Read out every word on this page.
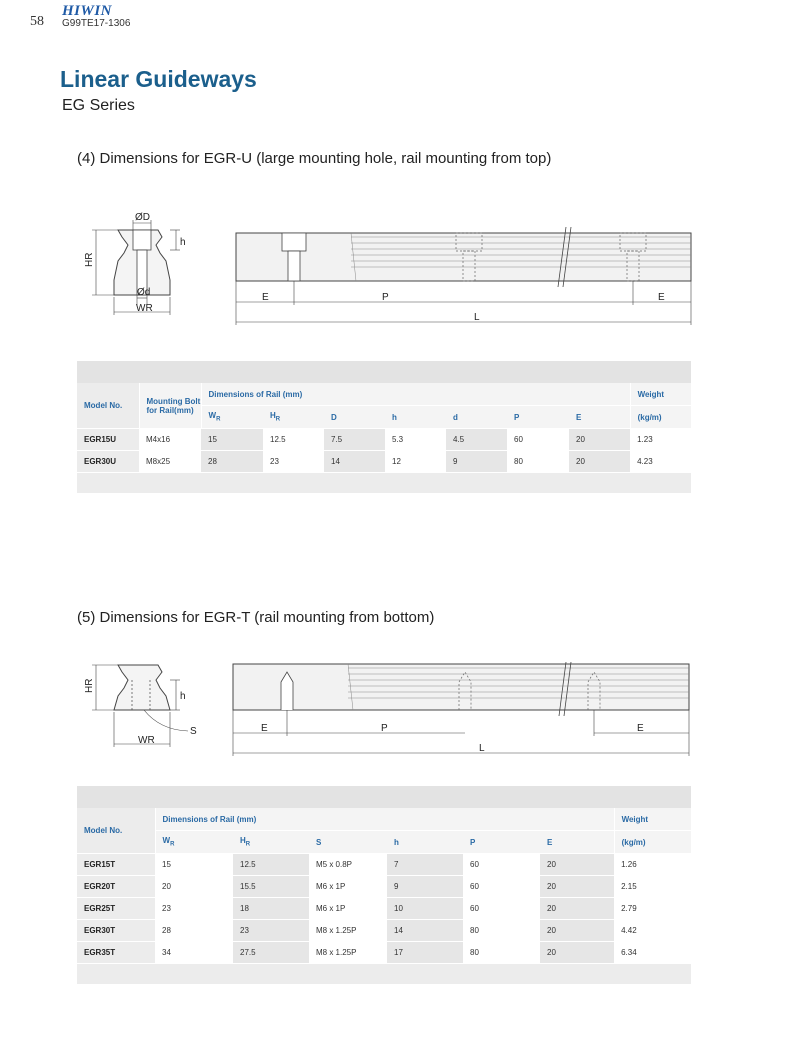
58
HIWIN
G99TE17-1306
Linear Guideways
EG Series
(4) Dimensions for EGR-U (large mounting hole, rail mounting from top)
ØD
h
HR
Ød
WR
E	P	E
L
Model No.	Mounting Bolt
for Rail(mm)	Dimensions of Rail (mm)							Weight
		$W_R$	$H_R$	D	h	d	P	E	(kg/m)
EGR15U	M4x16	15	12.5	7.5	5.3	4.5	60	20	1.23
EGR30U	M8x25	28	23	14	12	9	80	20	4.23
(5) Dimensions for EGR-T (rail mounting from bottom)
HR
h
S
WR
E	P	E
L
Model No.	Dimensions of Rail (mm)						Weight
	$W_R$	$H_R$	S	h	P	E	(kg/m)
EGR15T	15	12.5	M5 x 0.8P	7	60	20	1.26
EGR20T	20	15.5	M6 x 1P	9	60	20	2.15
EGR25T	23	18	M6 x 1P	10	60	20	2.79
EGR30T	28	23	M8 x 1.25P	14	80	20	4.42
EGR35T	34	27.5	M8 x 1.25P	17	80	20	6.34
